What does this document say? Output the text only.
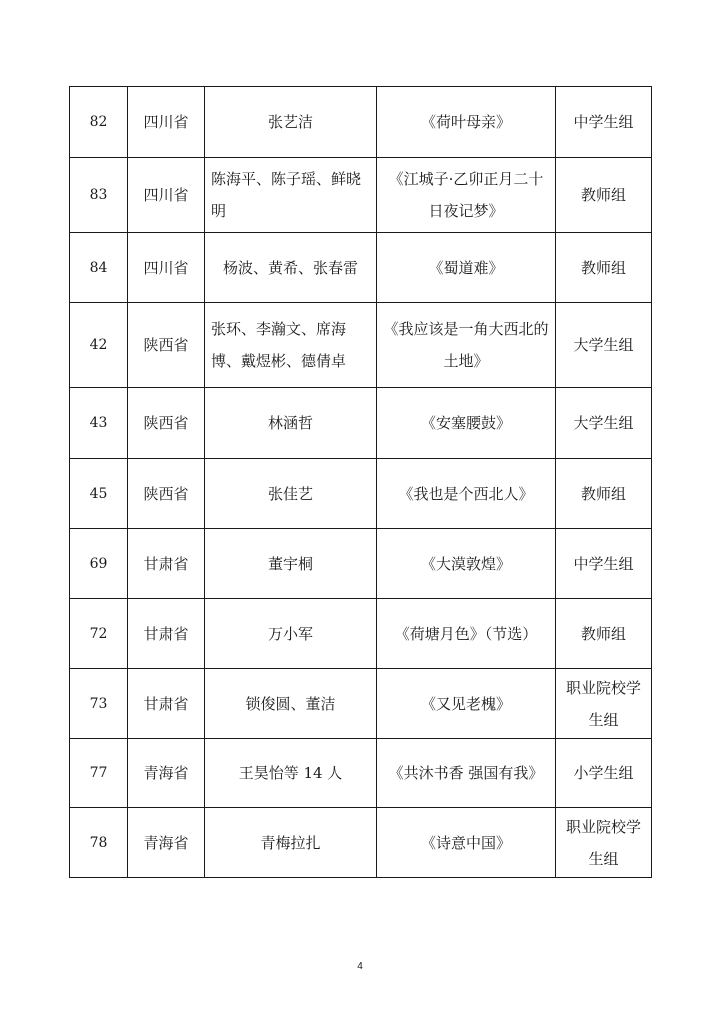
82	四川省	张艺洁	《荷叶母亲》	中学生组
83	四川省	陈海平、陈子瑶、鲜晓明	《江城子·乙卯正月二十日夜记梦》	教师组
84	四川省	杨波、黄希、张春雷	《蜀道难》	教师组
42	陕西省	张环、李瀚文、席海博、戴煜彬、德倩卓	《我应该是一角大西北的土地》	大学生组
43	陕西省	林涵哲	《安塞腰鼓》	大学生组
45	陕西省	张佳艺	《我也是个西北人》	教师组
69	甘肃省	董宇桐	《大漠敦煌》	中学生组
72	甘肃省	万小军	《荷塘月色》（节选）	教师组
73	甘肃省	锁俊圆、董洁	《又见老槐》	职业院校学生组
77	青海省	王昊怡等 14 人	《共沐书香 强国有我》	小学生组
78	青海省	青梅拉扎	《诗意中国》	职业院校学生组
4
